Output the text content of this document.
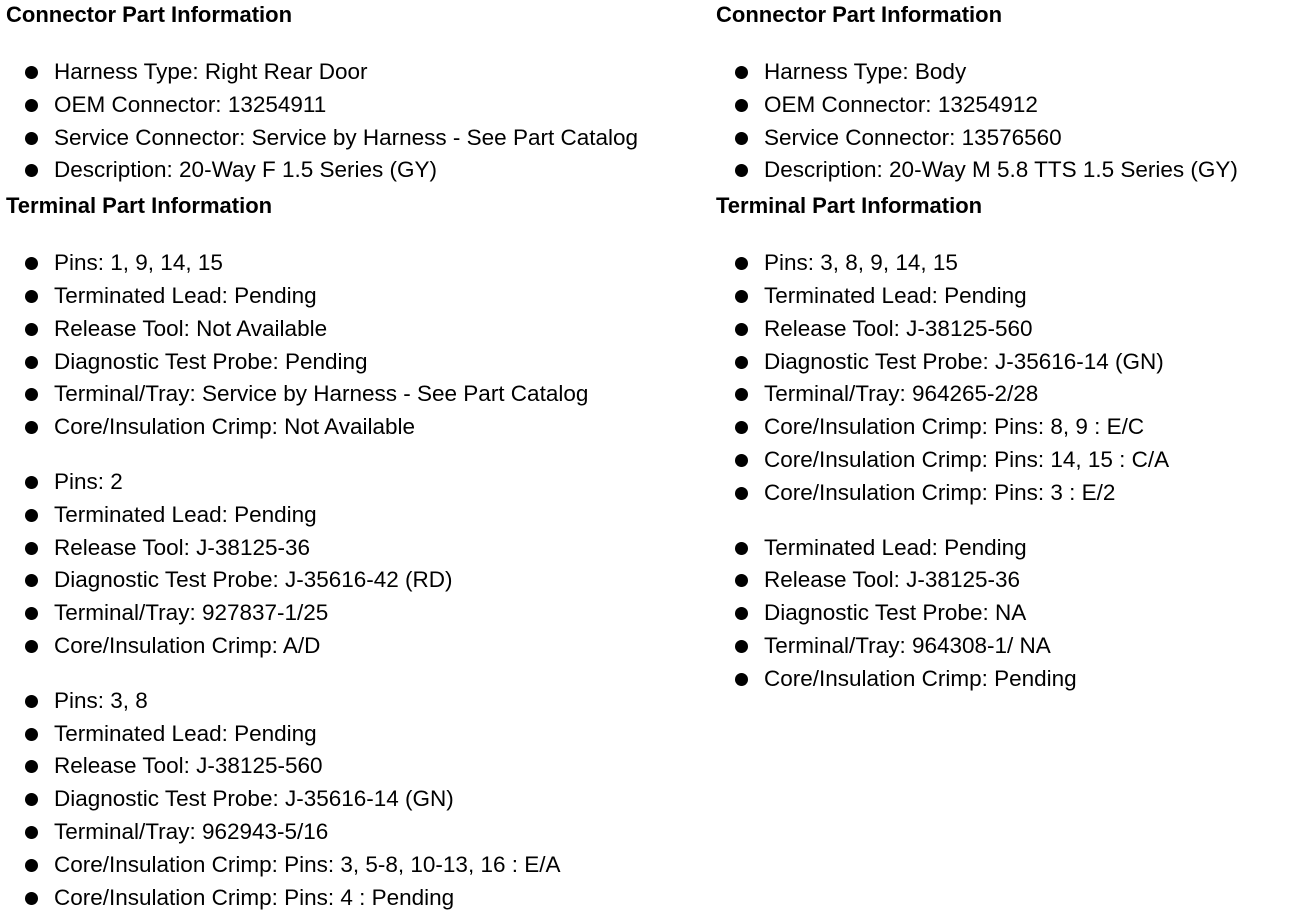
Connector Part Information
Harness Type: Right Rear Door
OEM Connector: 13254911
Service Connector: Service by Harness - See Part Catalog
Description: 20-Way F 1.5 Series (GY)
Terminal Part Information
Pins: 1, 9, 14, 15
Terminated Lead: Pending
Release Tool: Not Available
Diagnostic Test Probe: Pending
Terminal/Tray: Service by Harness - See Part Catalog
Core/Insulation Crimp: Not Available
Pins: 2
Terminated Lead: Pending
Release Tool: J-38125-36
Diagnostic Test Probe: J-35616-42 (RD)
Terminal/Tray: 927837-1/25
Core/Insulation Crimp: A/D
Pins: 3, 8
Terminated Lead: Pending
Release Tool: J-38125-560
Diagnostic Test Probe: J-35616-14 (GN)
Terminal/Tray: 962943-5/16
Core/Insulation Crimp: Pins: 3, 5-8, 10-13, 16 : E/A
Core/Insulation Crimp: Pins: 4 : Pending
Connector Part Information
Harness Type: Body
OEM Connector: 13254912
Service Connector: 13576560
Description: 20-Way M 5.8 TTS 1.5 Series (GY)
Terminal Part Information
Pins: 3, 8, 9, 14, 15
Terminated Lead: Pending
Release Tool: J-38125-560
Diagnostic Test Probe: J-35616-14 (GN)
Terminal/Tray: 964265-2/28
Core/Insulation Crimp: Pins: 8, 9 : E/C
Core/Insulation Crimp: Pins: 14, 15 : C/A
Core/Insulation Crimp: Pins: 3 : E/2
Terminated Lead: Pending
Release Tool: J-38125-36
Diagnostic Test Probe: NA
Terminal/Tray: 964308-1/ NA
Core/Insulation Crimp: Pending
